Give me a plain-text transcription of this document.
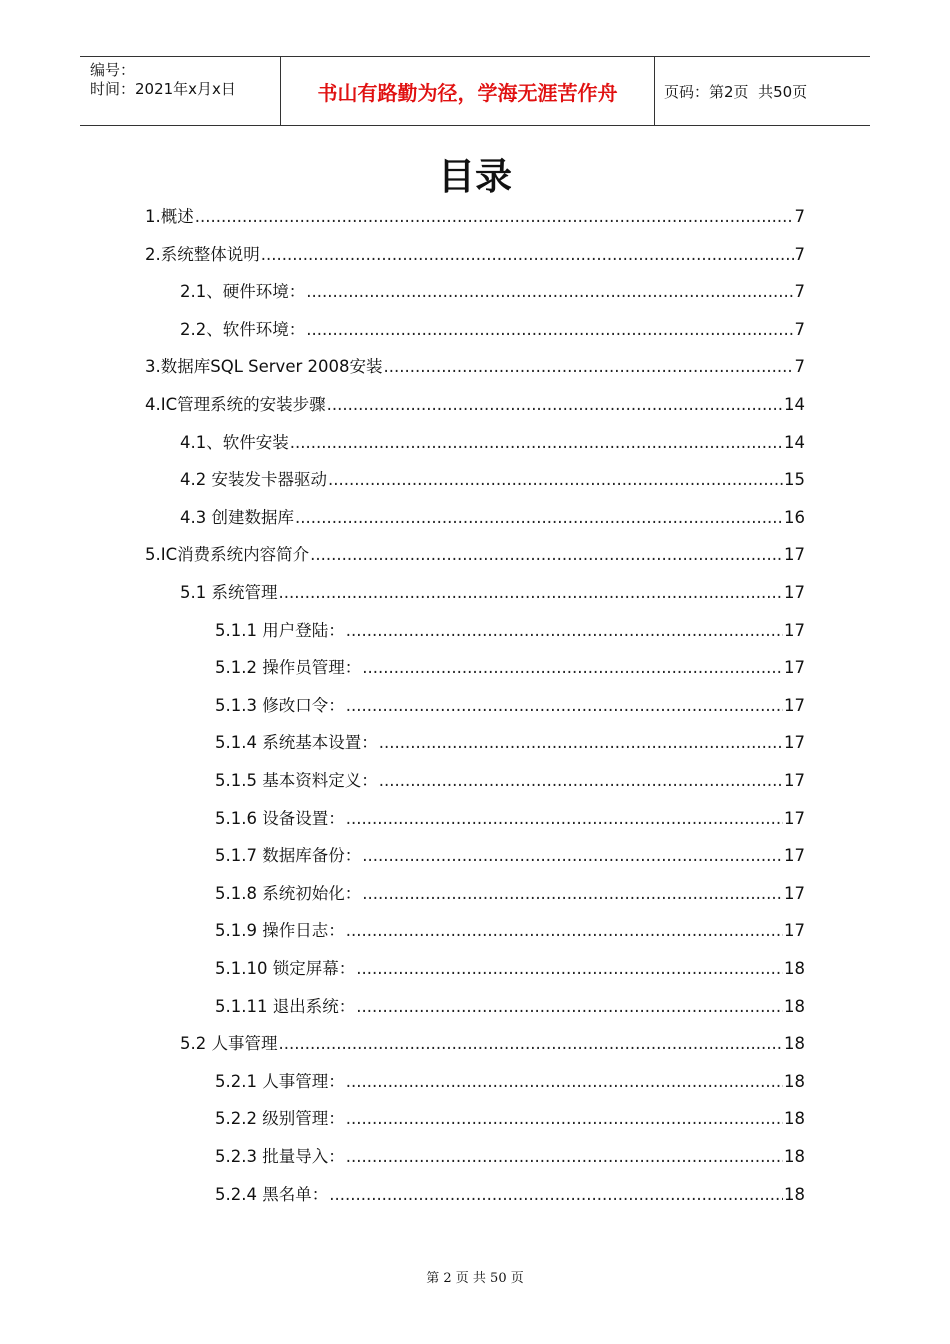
编号：
时间：2021年x月x日	书山有路勤为径，学海无涯苦作舟	页码：第2页  共50页
目录
1.概述 .....	7
2.系统整体说明 .....	7
2.1、硬件环境： .....	7
2.2、软件环境： .....	7
3.数据库SQL Server 2008安装 .....	7
4.IC管理系统的安装步骤 .....	14
4.1、软件安装 .....	14
4.2 安装发卡器驱动 .....	15
4.3 创建数据库 .....	16
5.IC消费系统内容简介 .....	17
5.1 系统管理 .....	17
5.1.1 用户登陆： .....	17
5.1.2 操作员管理： .....	17
5.1.3 修改口令： .....	17
5.1.4 系统基本设置： .....	17
5.1.5 基本资料定义： .....	17
5.1.6 设备设置： .....	17
5.1.7 数据库备份： .....	17
5.1.8 系统初始化： .....	17
5.1.9 操作日志： .....	17
5.1.10 锁定屏幕： .....	18
5.1.11 退出系统： .....	18
5.2 人事管理 .....	18
5.2.1 人事管理： .....	18
5.2.2 级别管理： .....	18
5.2.3 批量导入： .....	18
5.2.4 黑名单： .....	18
第 2 页 共 50 页
